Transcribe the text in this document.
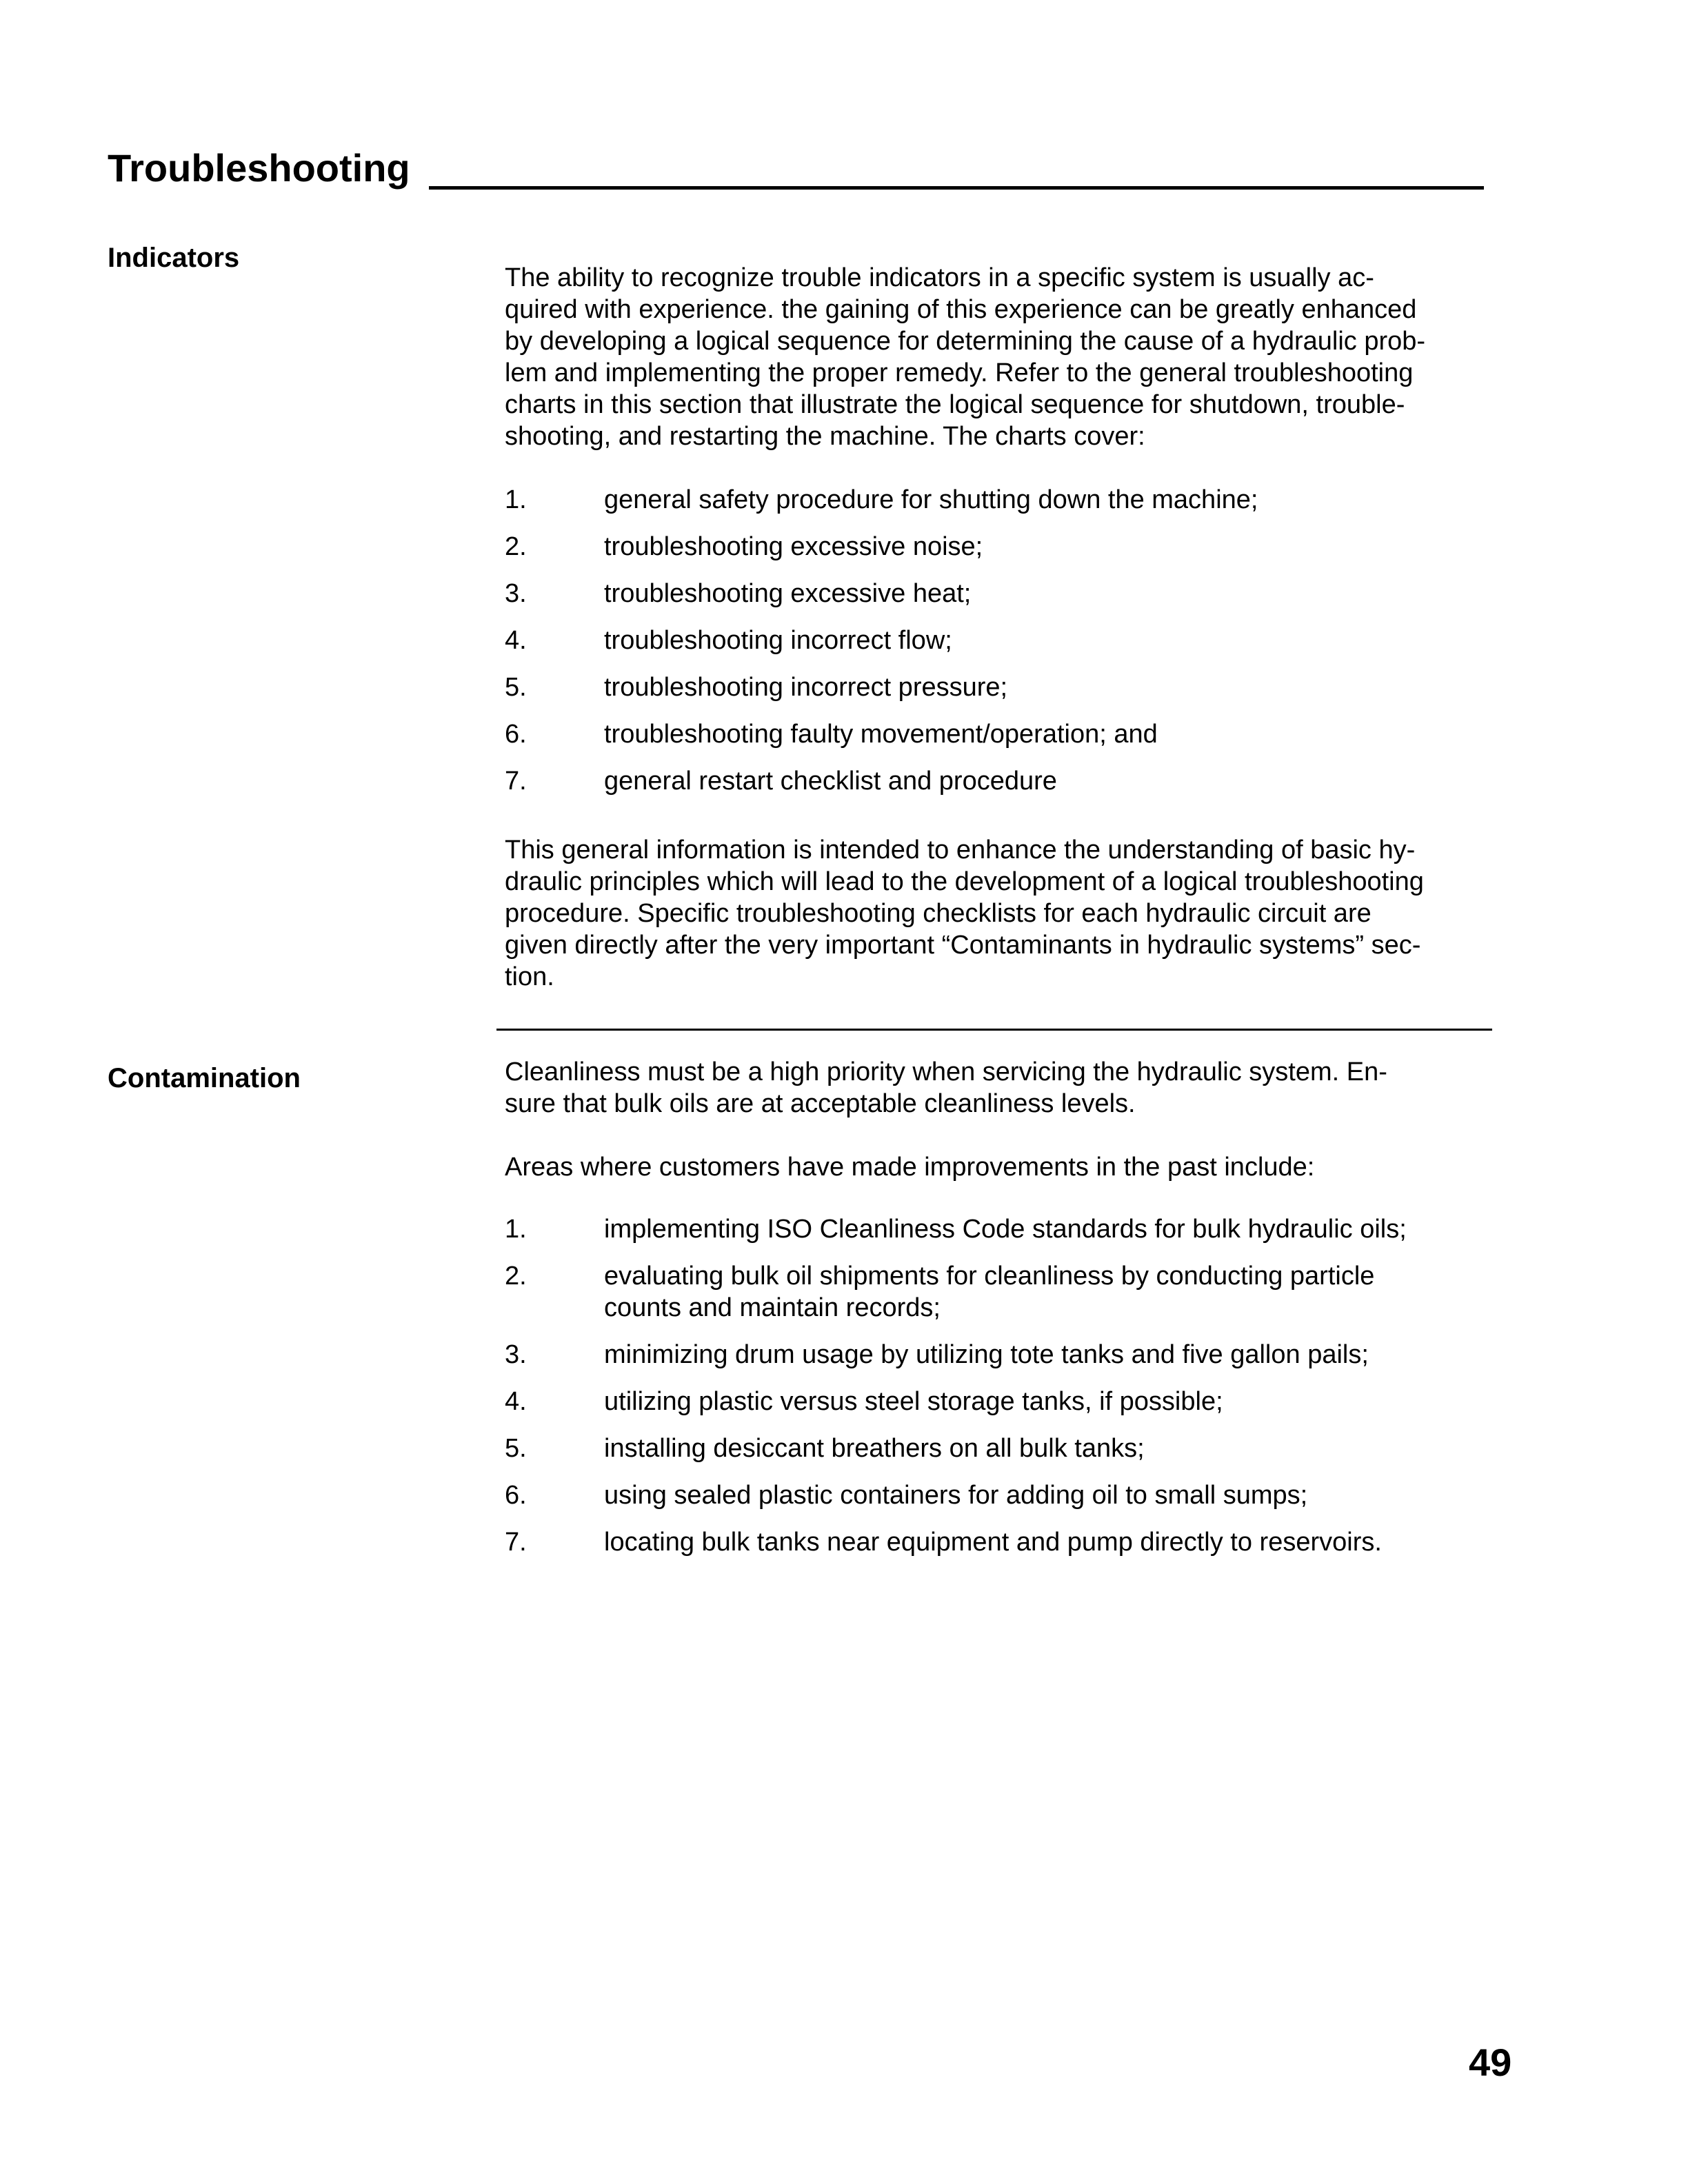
Troubleshooting
Indicators

The ability to recognize trouble indicators in a specific system is usually ac-
quired with experience. the gaining of this experience can be greatly enhanced
by developing a logical sequence for determining the cause of a hydraulic prob-
lem and implementing the proper remedy. Refer to the general troubleshooting
charts in this section that illustrate the logical sequence for shutdown, trouble-
shooting, and restarting the machine. The charts cover:

1.	general safety procedure for shutting down the machine;
2.	troubleshooting excessive noise;
3.	troubleshooting excessive heat;
4.	troubleshooting incorrect flow;
5.	troubleshooting incorrect pressure;
6.	troubleshooting faulty movement/operation; and
7.	general restart checklist and procedure

This general information is intended to enhance the understanding of basic hy-
draulic principles which will lead to the development of a logical troubleshooting
procedure. Specific troubleshooting checklists for each hydraulic circuit are
given directly after the very important “Contaminants in hydraulic systems” sec-
tion.

Contamination	Cleanliness must be a high priority when servicing the hydraulic system. En-
sure that bulk oils are at acceptable cleanliness levels.

Areas where customers have made improvements in the past include:

1.	implementing ISO Cleanliness Code standards for bulk hydraulic oils;
2.	evaluating bulk oil shipments for cleanliness by conducting particle
counts and maintain records;
3.	minimizing drum usage by utilizing tote tanks and five gallon pails;
4.	utilizing plastic versus steel storage tanks, if possible;
5.	installing desiccant breathers on all bulk tanks;
6.	using sealed plastic containers for adding oil to small sumps;
7.	locating bulk tanks near equipment and pump directly to reservoirs.
49
